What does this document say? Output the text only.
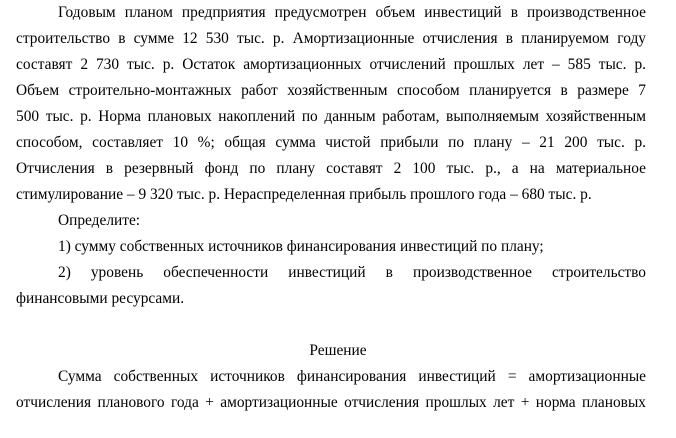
Годовым планом предприятия предусмотрен объем инвестиций в производственное
строительство в сумме 12 530 тыс. р. Амортизационные отчисления в планируемом году
составят 2 730 тыс. р. Остаток амортизационных отчислений прошлых лет – 585 тыс. р.
Объем строительно-монтажных работ хозяйственным способом планируется в размере 7
500 тыс. р. Норма плановых накоплений по данным работам, выполняемым хозяйственным
способом, составляет 10 %; общая сумма чистой прибыли по плану – 21 200 тыс. р.
Отчисления в резервный фонд по плану составят 2 100 тыс. р., а на материальное
стимулирование – 9 320 тыс. р. Нераспределенная прибыль прошлого года – 680 тыс. р.
Определите:
1) сумму собственных источников финансирования инвестиций по плану;
2) уровень обеспеченности инвестиций в производственное строительство
финансовыми ресурсами.
Решение
Сумма собственных источников финансирования инвестиций = амортизационные
отчисления планового года + амортизационные отчисления прошлых лет + норма плановых
